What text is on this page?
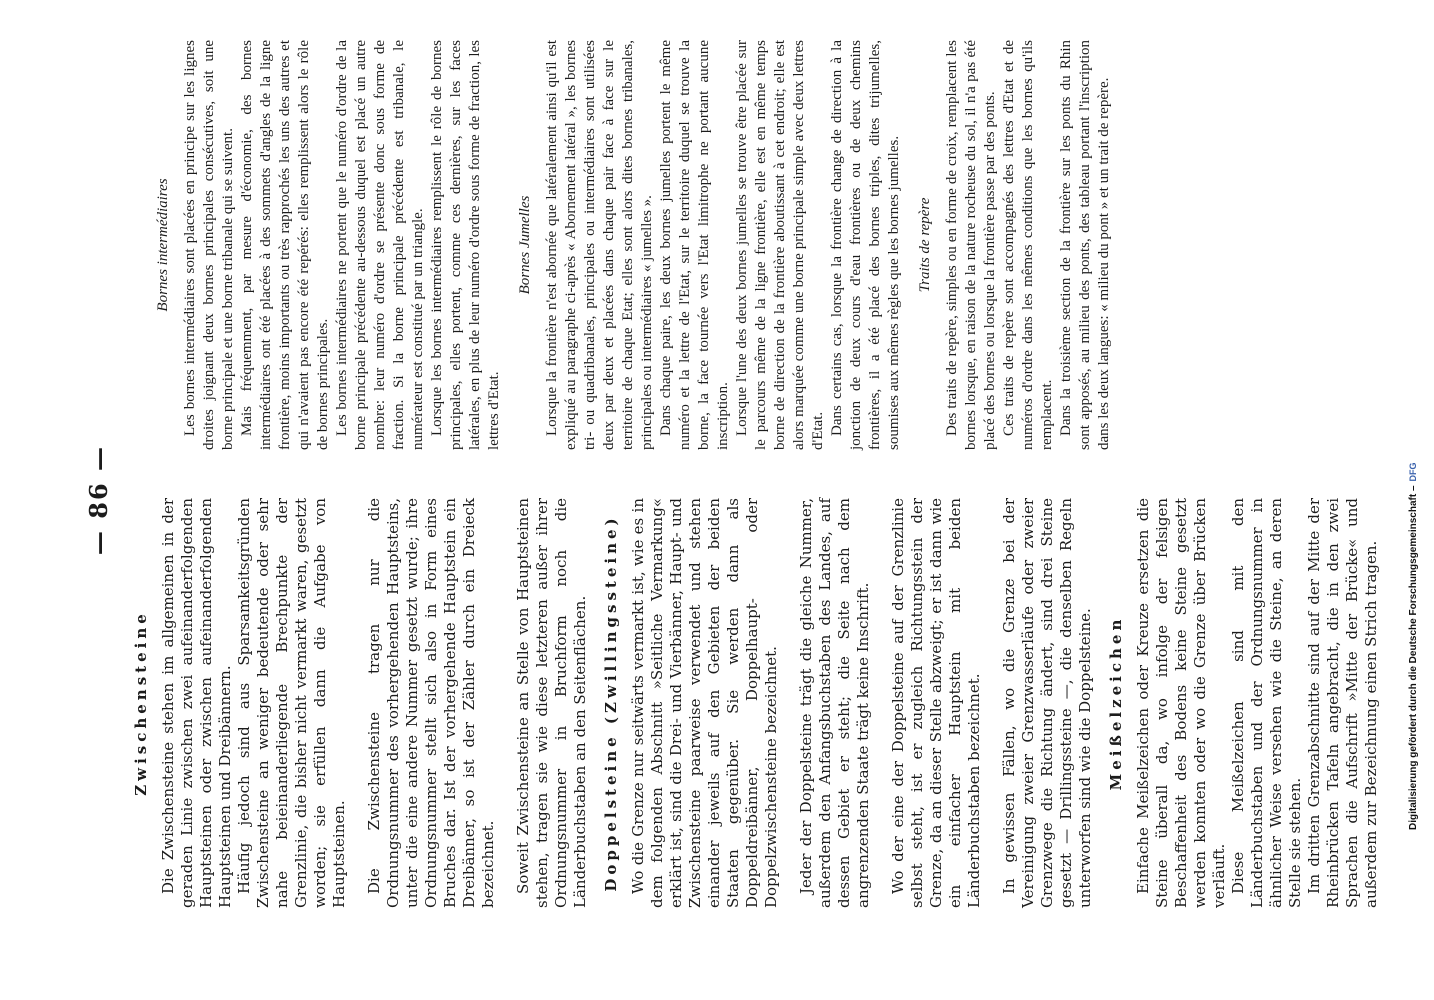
— 86 —
Zwischensteine Die Zwischensteine stehen im allgemeinen in der geraden Linie zwischen zwei aufeinanderfolgenden Hauptsteinen oder zwischen aufeinanderfolgenden Hauptsteinen und Dreibännern. Häufig jedoch sind aus Sparsamkeitsgründen Zwischensteine an weniger bedeutende oder sehr nahe beieinanderliegende Brechpunkte der Grenzlinie, die bisher nicht vermarkt waren, gesetzt worden; sie erfüllen dann die Aufgabe von Hauptsteinen. Die Zwischensteine tragen nur die Ordnungsnummer des vorhergehenden Hauptsteins, unter die eine andere Nummer gesetzt wurde; ihre Ordnungsnummer stellt sich also in Form eines Bruches dar. Ist der vorhergehende Hauptstein ein Dreibänner, so ist der Zähler durch ein Dreieck bezeichnet. Soweit Zwischensteine an Stelle von Hauptsteinen stehen, tragen sie wie diese letzteren außer ihrer Ordnungsnummer in Bruchform noch die Länderbuchstaben an den Seitenflächen. Doppelsteine (Zwillingssteine) Wo die Grenze nur seitwärts vermarkt ist, wie es in dem folgenden Abschnitt »Seitliche Vermarkung« erklärt ist, sind die Drei- und Vierbänner, Haupt- und Zwischensteine paarweise verwendet und stehen einander jeweils auf den Gebieten der beiden Staaten gegenüber. Sie werden dann als Doppeldreibänner, Doppelhaupt- oder Doppelzwischensteine bezeichnet. Jeder der Doppelsteine trägt die gleiche Nummer, außerdem den Anfangsbuchstaben des Landes, auf dessen Gebiet er steht; die Seite nach dem angrenzenden Staate trägt keine Inschrift. Wo der eine der Doppelsteine auf der Grenzlinie selbst steht, ist er zugleich Richtungsstein der Grenze, da an dieser Stelle abzweigt; er ist dann wie ein einfacher Hauptstein mit beiden Länderbuchstaben bezeichnet. In gewissen Fällen, wo die Grenze bei der Vereinigung zweier Grenzwasserläufe oder zweier Grenzwege die Richtung ändert, sind drei Steine gesetzt — Drillingssteine —, die denselben Regeln unterworfen sind wie die Doppelsteine. Meißelzeichen Einfache Meißelzeichen oder Kreuze ersetzen die Steine überall da, wo infolge der felsigen Beschaffenheit des Bodens keine Steine gesetzt werden konnten oder wo die Grenze über Brücken verläuft. Diese Meißelzeichen sind mit den Länderbuchstaben und der Ordnungsnummer in ähnlicher Weise versehen wie die Steine, an deren Stelle sie stehen. Im dritten Grenzabschnitte sind auf der Mitte der Rheinbrücken Tafeln angebracht, die in den zwei Sprachen die Aufschrift »Mitte der Brücke« und außerdem zur Bezeichnung einen Strich tragen.

Bornes intermédiaires Les bornes intermédiaires sont placées en principe sur les lignes droites joignant deux bornes principales consécutives, soit une borne principale et une borne tribanale qui se suivent. Mais fréquemment, par mesure d'économie, des bornes intermédiaires ont été placées à des sommets d'angles de la ligne frontière, moins importants ou très rapprochés les uns des autres et qui n'avaient pas encore été repérés: elles remplissent alors le rôle de bornes principales. Les bornes intermédiaires ne portent que le numéro d'ordre de la borne principale précédente au-dessous duquel est placé un autre nombre: leur numéro d'ordre se présente donc sous forme de fraction. Si la borne principale précédente est tribanale, le numérateur est constitué par un triangle. Lorsque les bornes intermédiaires remplissent le rôle de bornes principales, elles portent, comme ces dernières, sur les faces latérales, en plus de leur numéro d'ordre sous forme de fraction, les lettres d'Etat.

Bornes Jumelles Lorsque la frontière n'est abornée que latéralement ainsi qu'il est expliqué au paragraphe ci-après « Abornement latéral », les bornes tri- ou quadribanales, principales ou intermédiaires sont utilisées deux par deux et placées dans chaque pair face à face sur le territoire de chaque Etat; elles sont alors dites bornes tribanales, principales ou intermédiaires « jumelles ». Dans chaque paire, les deux bornes jumelles portent le même numéro et la lettre de l'Etat, sur le territoire duquel se trouve la borne, la face tournée vers l'Etat limitrophe ne portant aucune inscription. Lorsque l'une des deux bornes jumelles se trouve être placée sur le parcours même de la ligne frontière, elle est en même temps borne de direction de la frontière aboutissant à cet endroit; elle est alors marquée comme une borne principale simple avec deux lettres d'Etat. Dans certains cas, lorsque la frontière change de direction à la jonction de deux cours d'eau frontières ou de deux chemins frontières, il a été placé des bornes triples, dites trijumelles, soumises aux mêmes règles que les bornes jumelles. Traits de repère Des traits de repère, simples ou en forme de croix, remplacent les bornes lorsque, en raison de la nature rocheuse du sol, il n'a pas été placé des bornes ou lorsque la frontière passe par des ponts. Ces traits de repère sont accompagnés des lettres d'Etat et de numéros d'ordre dans les mêmes conditions que les bornes qu'ils remplacent. Dans la troisième section de la frontière sur les ponts du Rhin sont apposés, au milieu des ponts, des tableau portant l'inscription dans les deux langues: « milieu du pont » et un trait de repère.

Digitalisierung gefördert durch die Deutsche Forschungsgemeinschaft –DFG
